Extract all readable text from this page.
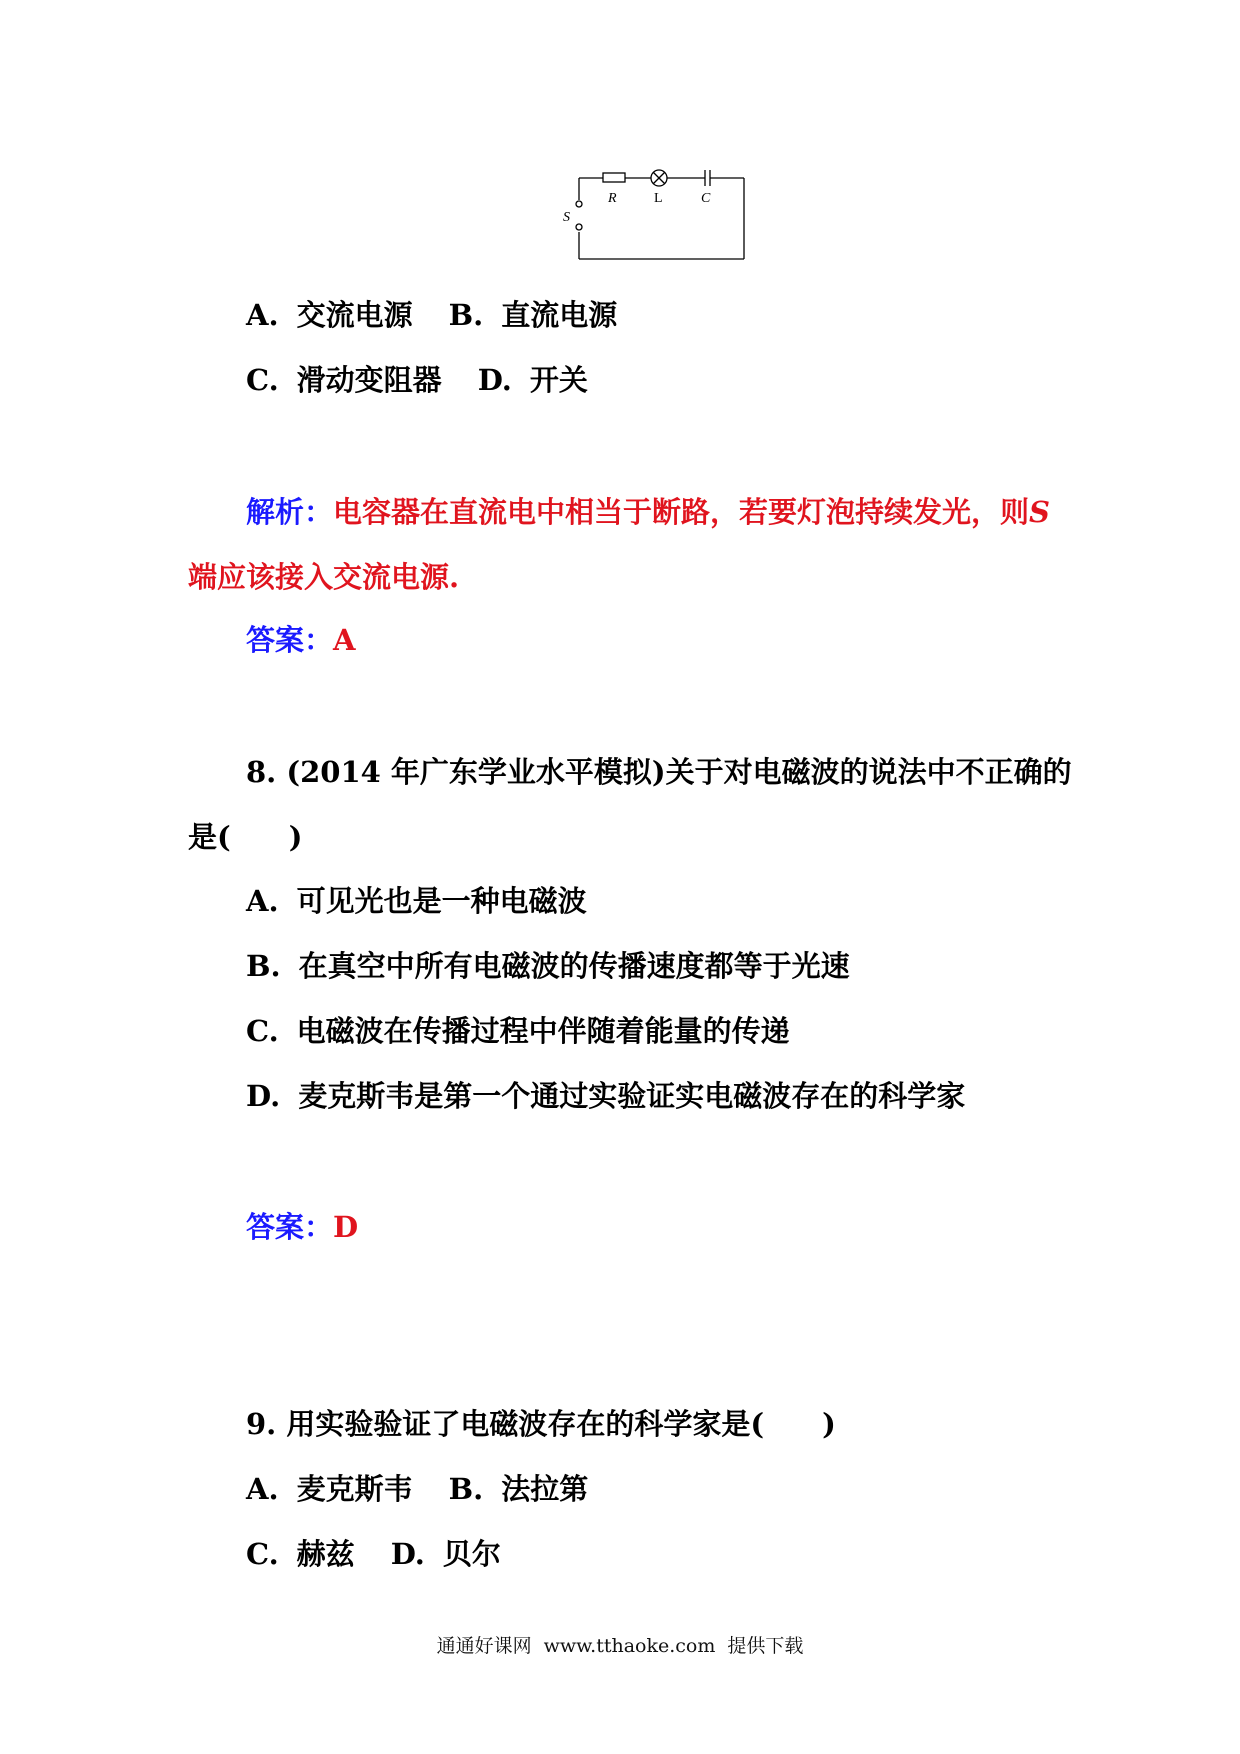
S
R	L	C
A. 交流电源 B. 直流电源
C. 滑动变阻器 D. 开关
解析：电容器在直流电中相当于断路，若要灯泡持续发光，则S
端应该接入交流电源.
答案：A
8. (2014 年广东学业水平模拟)关于对电磁波的说法中不正确的
是( )
A. 可见光也是一种电磁波
B. 在真空中所有电磁波的传播速度都等于光速
C. 电磁波在传播过程中伴随着能量的传递
D. 麦克斯韦是第一个通过实验证实电磁波存在的科学家
答案：D
9. 用实验验证了电磁波存在的科学家是( )
A. 麦克斯韦 B. 法拉第
C. 赫兹 D. 贝尔
通通好课网 www.tthaoke.com 提供下载
